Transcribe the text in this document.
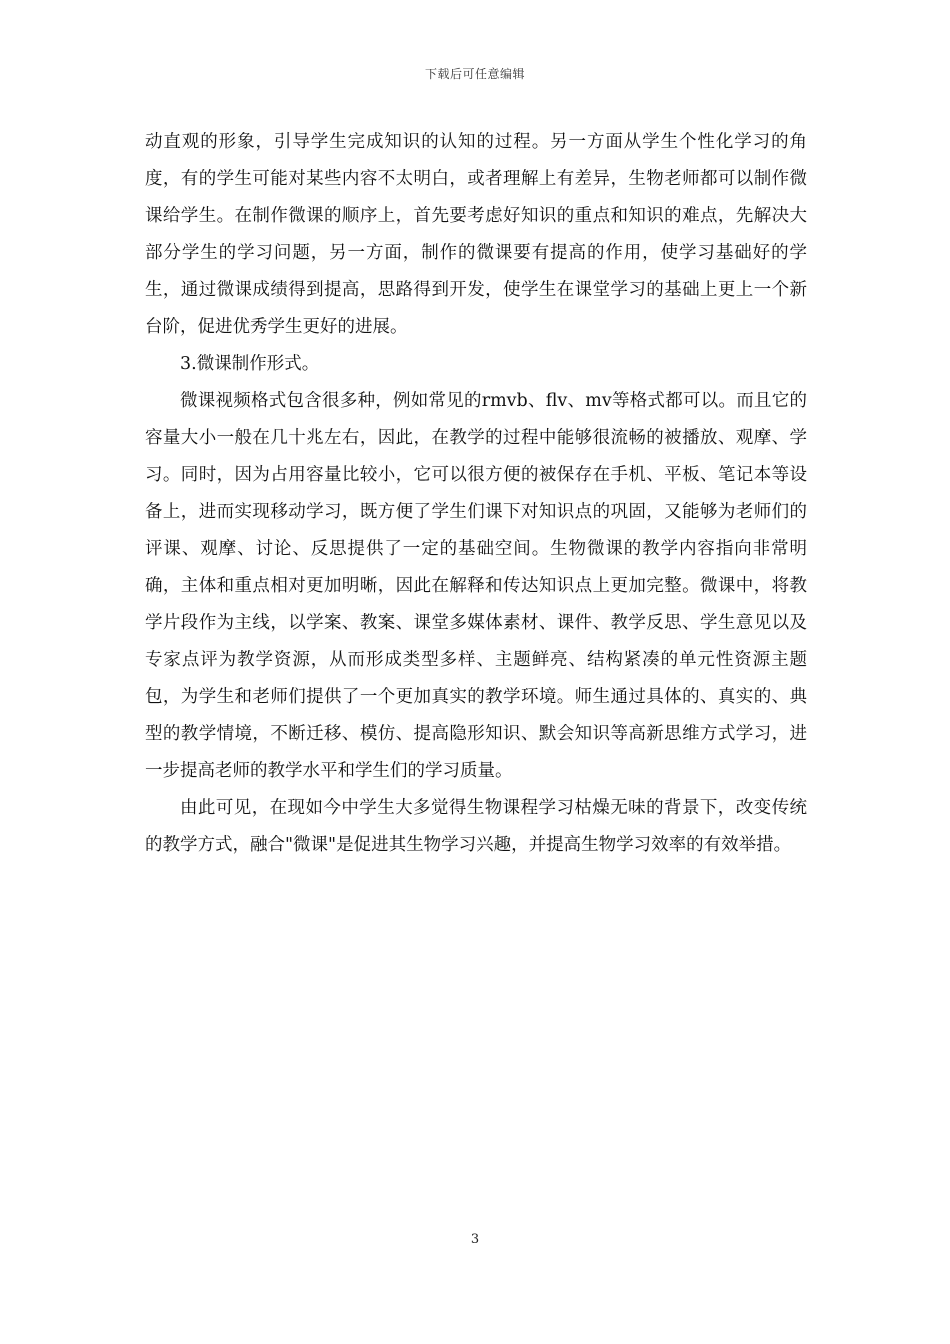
下载后可任意编辑

动直观的形象，引导学生完成知识的认知的过程。另一方面从学生个性化学习的角度，有的学生可能对某些内容不太明白，或者理解上有差异，生物老师都可以制作微课给学生。在制作微课的顺序上，首先要考虑好知识的重点和知识的难点，先解决大部分学生的学习问题，另一方面，制作的微课要有提高的作用，使学习基础好的学生，通过微课成绩得到提高，思路得到开发，使学生在课堂学习的基础上更上一个新台阶，促进优秀学生更好的进展。

3.微课制作形式。

微课视频格式包含很多种，例如常见的rmvb、flv、mv等格式都可以。而且它的容量大小一般在几十兆左右，因此，在教学的过程中能够很流畅的被播放、观摩、学习。同时，因为占用容量比较小，它可以很方便的被保存在手机、平板、笔记本等设备上，进而实现移动学习，既方便了学生们课下对知识点的巩固，又能够为老师们的评课、观摩、讨论、反思提供了一定的基础空间。生物微课的教学内容指向非常明确，主体和重点相对更加明晰，因此在解释和传达知识点上更加完整。微课中，将教学片段作为主线，以学案、教案、课堂多媒体素材、课件、教学反思、学生意见以及专家点评为教学资源，从而形成类型多样、主题鲜亮、结构紧凑的单元性资源主题包，为学生和老师们提供了一个更加真实的教学环境。师生通过具体的、真实的、典型的教学情境，不断迁移、模仿、提高隐形知识、默会知识等高新思维方式学习，进一步提高老师的教学水平和学生们的学习质量。

由此可见，在现如今中学生大多觉得生物课程学习枯燥无味的背景下，改变传统的教学方式，融合"微课"是促进其生物学习兴趣，并提高生物学习效率的有效举措。

3
